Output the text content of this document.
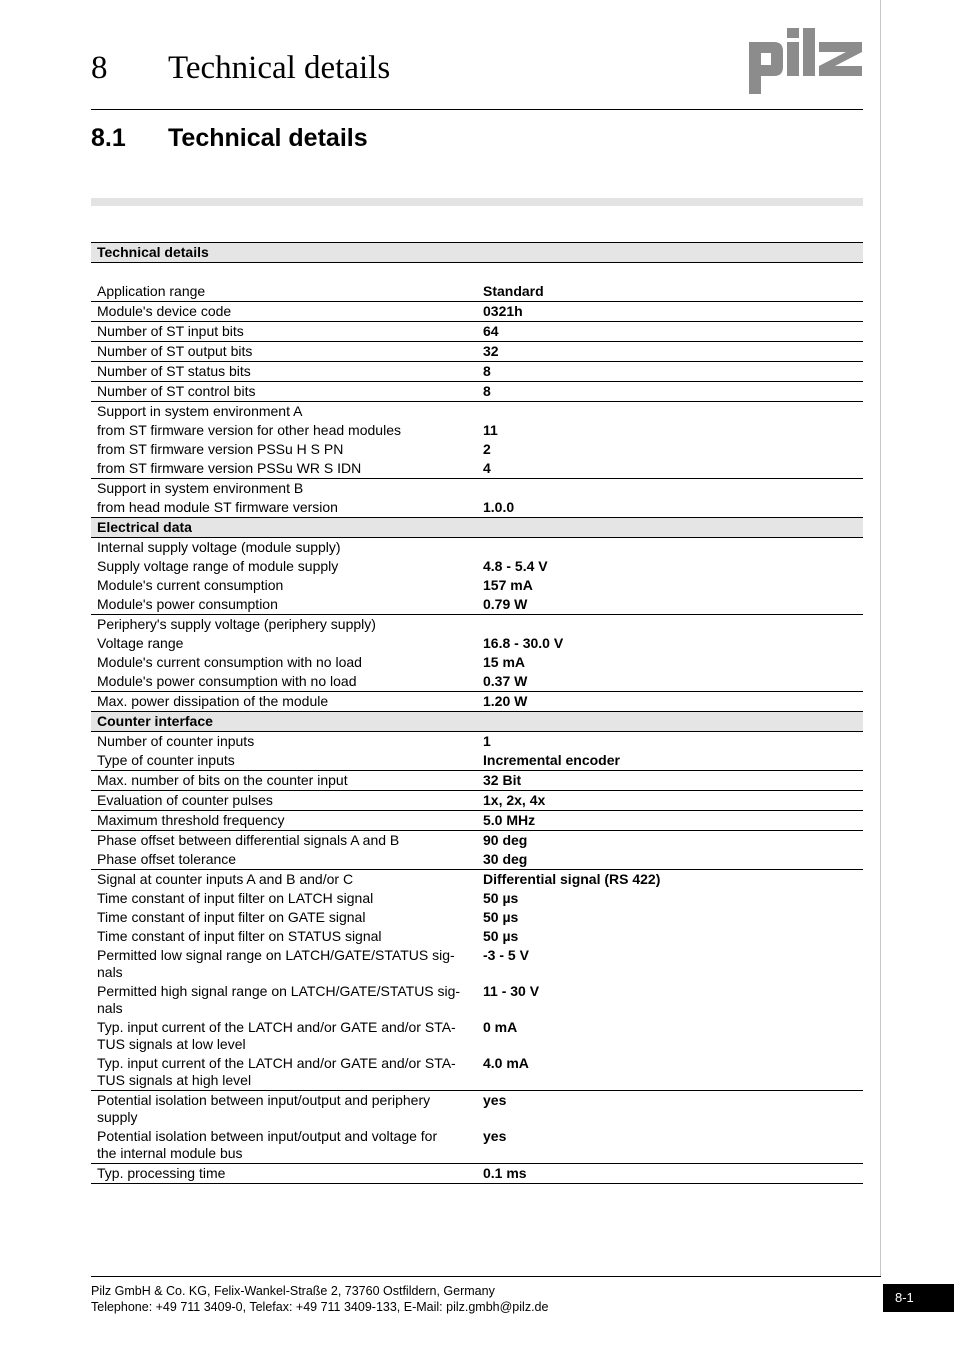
8 Technical details
8.1 Technical details
Technical details	

Application range	Standard
Module's device code	0321h
Number of ST input bits	64
Number of ST output bits	32
Number of ST status bits	8
Number of ST control bits	8
Support in system environment A	
from ST firmware version for other head modules	11
from ST firmware version PSSu H S PN	2
from ST firmware version PSSu WR S IDN	4
Support in system environment B	
from head module ST firmware version	1.0.0
Electrical data	
Internal supply voltage (module supply)	
Supply voltage range of module supply	4.8 - 5.4 V
Module's current consumption	157 mA
Module's power consumption	0.79 W
Periphery's supply voltage (periphery supply)	
Voltage range	16.8 - 30.0 V
Module's current consumption with no load	15 mA
Module's power consumption with no load	0.37 W
Max. power dissipation of the module	1.20 W
Counter interface	
Number of counter inputs	1
Type of counter inputs	Incremental encoder
Max. number of bits on the counter input	32 Bit
Evaluation of counter pulses	1x, 2x, 4x
Maximum threshold frequency	5.0 MHz
Phase offset between differential signals A and B	90 deg
Phase offset tolerance	30 deg
Signal at counter inputs A and B and/or C	Differential signal (RS 422)
Time constant of input filter on LATCH signal	50 µs
Time constant of input filter on GATE signal	50 µs
Time constant of input filter on STATUS signal	50 µs
Permitted low signal range on LATCH/GATE/STATUS sig-
nals	-3 - 5 V
Permitted high signal range on LATCH/GATE/STATUS sig-
nals	11 - 30 V
Typ. input current of the LATCH and/or GATE and/or STA-
TUS signals at low level	0 mA
Typ. input current of the LATCH and/or GATE and/or STA-
TUS signals at high level	4.0 mA
Potential isolation between input/output and periphery
supply	yes
Potential isolation between input/output and voltage for
the internal module bus	yes
Typ. processing time	0.1 ms
Pilz GmbH & Co. KG, Felix-Wankel-Straße 2, 73760 Ostfildern, Germany
Telephone: +49 711 3409-0, Telefax: +49 711 3409-133, E-Mail: pilz.gmbh@pilz.de
8-1
